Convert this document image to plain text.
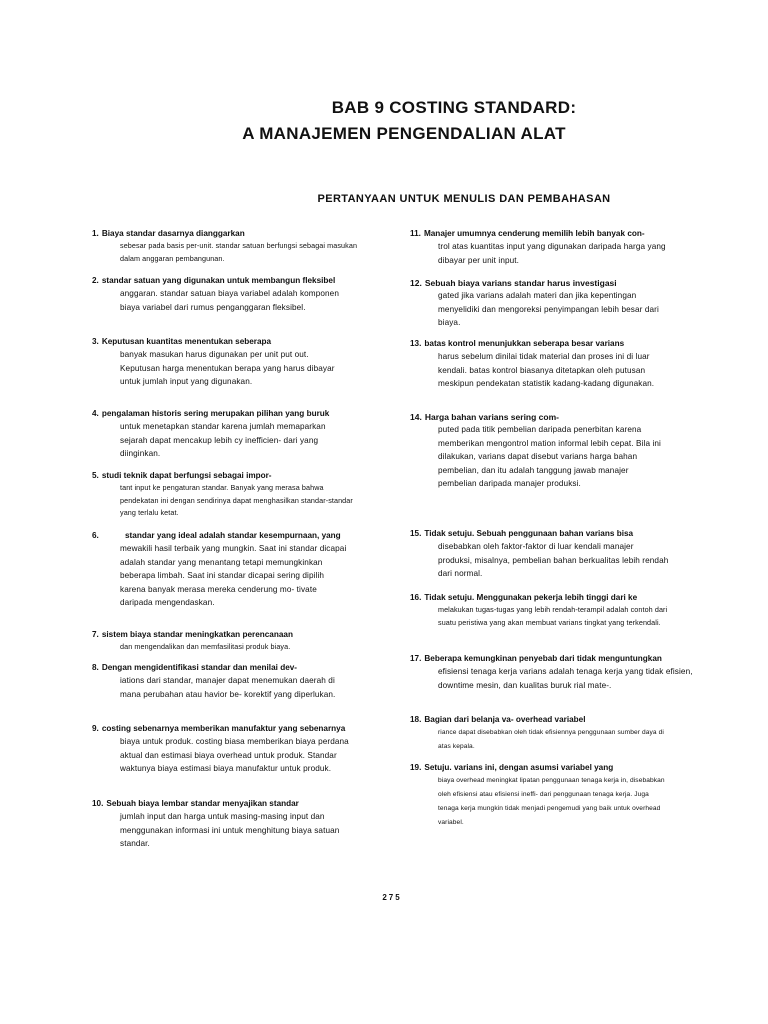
BAB 9 COSTING STANDARD:
A MANAJEMEN PENGENDALIAN ALAT
PERTANYAAN UNTUK MENULIS DAN PEMBAHASAN
1. Biaya standar dasarnya dianggarkan
sebesar pada basis per-unit. standar satuan berfungsi sebagai masukan
dalam anggaran pembangunan.
2. standar satuan yang digunakan untuk membangun fleksibel
anggaran. standar satuan biaya variabel adalah komponen
biaya variabel dari rumus penganggaran fleksibel.
3. Keputusan kuantitas menentukan seberapa
banyak masukan harus digunakan per unit put out.
Keputusan harga menentukan berapa yang harus dibayar
untuk jumlah input yang digunakan.
4. pengalaman historis sering merupakan pilihan yang buruk
untuk menetapkan standar karena jumlah memaparkan
sejarah dapat mencakup lebih cy inefficien- dari yang
diinginkan.
5. studi teknik dapat berfungsi sebagai impor-
tant input ke pengaturan standar. Banyak yang merasa bahwa
pendekatan ini dengan sendirinya dapat menghasilkan standar-standar
yang terlalu ketat.
6.	standar yang ideal adalah standar kesempurnaan, yang
mewakili hasil terbaik yang mungkin. Saat ini standar dicapai
adalah standar yang menantang tetapi memungkinkan
beberapa limbah. Saat ini standar dicapai sering dipilih
karena banyak merasa mereka cenderung mo- tivate
daripada mengendaskan.
7. sistem biaya standar meningkatkan perencanaan
dan mengendalikan dan memfasilitasi produk biaya.
8. Dengan mengidentifikasi standar dan menilai dev-
iations dari standar, manajer dapat menemukan daerah di
mana perubahan atau havior be- korektif yang diperlukan.
9. costing sebenarnya memberikan manufaktur yang sebenarnya
biaya untuk produk. costing biasa memberikan biaya perdana
aktual dan estimasi biaya overhead untuk produk. Standar
waktunya biaya estimasi biaya manufaktur untuk produk.
10. Sebuah biaya lembar standar menyajikan standar
jumlah input dan harga untuk masing-masing input dan
menggunakan informasi ini untuk menghitung biaya satuan
standar.
11. Manajer umumnya cenderung memilih lebih banyak con-
trol atas kuantitas input yang digunakan daripada harga yang
dibayar per unit input.
12. Sebuah biaya varians standar harus investigasi
gated jika varians adalah materi dan jika kepentingan
menyelidiki dan mengoreksi penyimpangan lebih besar dari
biaya.
13. batas kontrol menunjukkan seberapa besar varians
harus sebelum dinilai tidak material dan proses ini di luar
kendali. batas kontrol biasanya ditetapkan oleh putusan
meskipun pendekatan statistik kadang-kadang digunakan.
14. Harga bahan varians sering com-
puted pada titik pembelian daripada penerbitan karena
memberikan mengontrol mation informal lebih cepat. Bila ini
dilakukan, varians dapat disebut varians harga bahan
pembelian, dan itu adalah tanggung jawab manajer
pembelian daripada manajer produksi.
15. Tidak setuju. Sebuah penggunaan bahan varians bisa
disebabkan oleh faktor-faktor di luar kendali manajer
produksi, misalnya, pembelian bahan berkualitas lebih rendah
dari normal.
16. Tidak setuju. Menggunakan pekerja lebih tinggi dari ke
melakukan tugas-tugas yang lebih rendah-terampil adalah contoh dari
suatu peristiwa yang akan membuat varians tingkat yang terkendali.
17. Beberapa kemungkinan penyebab dari tidak menguntungkan
efisiensi tenaga kerja varians adalah tenaga kerja yang tidak efisien,
downtime mesin, dan kualitas buruk rial mate-.
18. Bagian dari belanja va- overhead variabel
riance dapat disebabkan oleh tidak efisiennya penggunaan sumber daya di
atas kepala.
19. Setuju. varians ini, dengan asumsi variabel yang
biaya overhead meningkat lipatan penggunaan tenaga kerja in, disebabkan
oleh efisiensi atau efisiensi ineffi- dari penggunaan tenaga kerja. Juga
tenaga kerja mungkin tidak menjadi pengemudi yang baik untuk overhead
variabel.
275
